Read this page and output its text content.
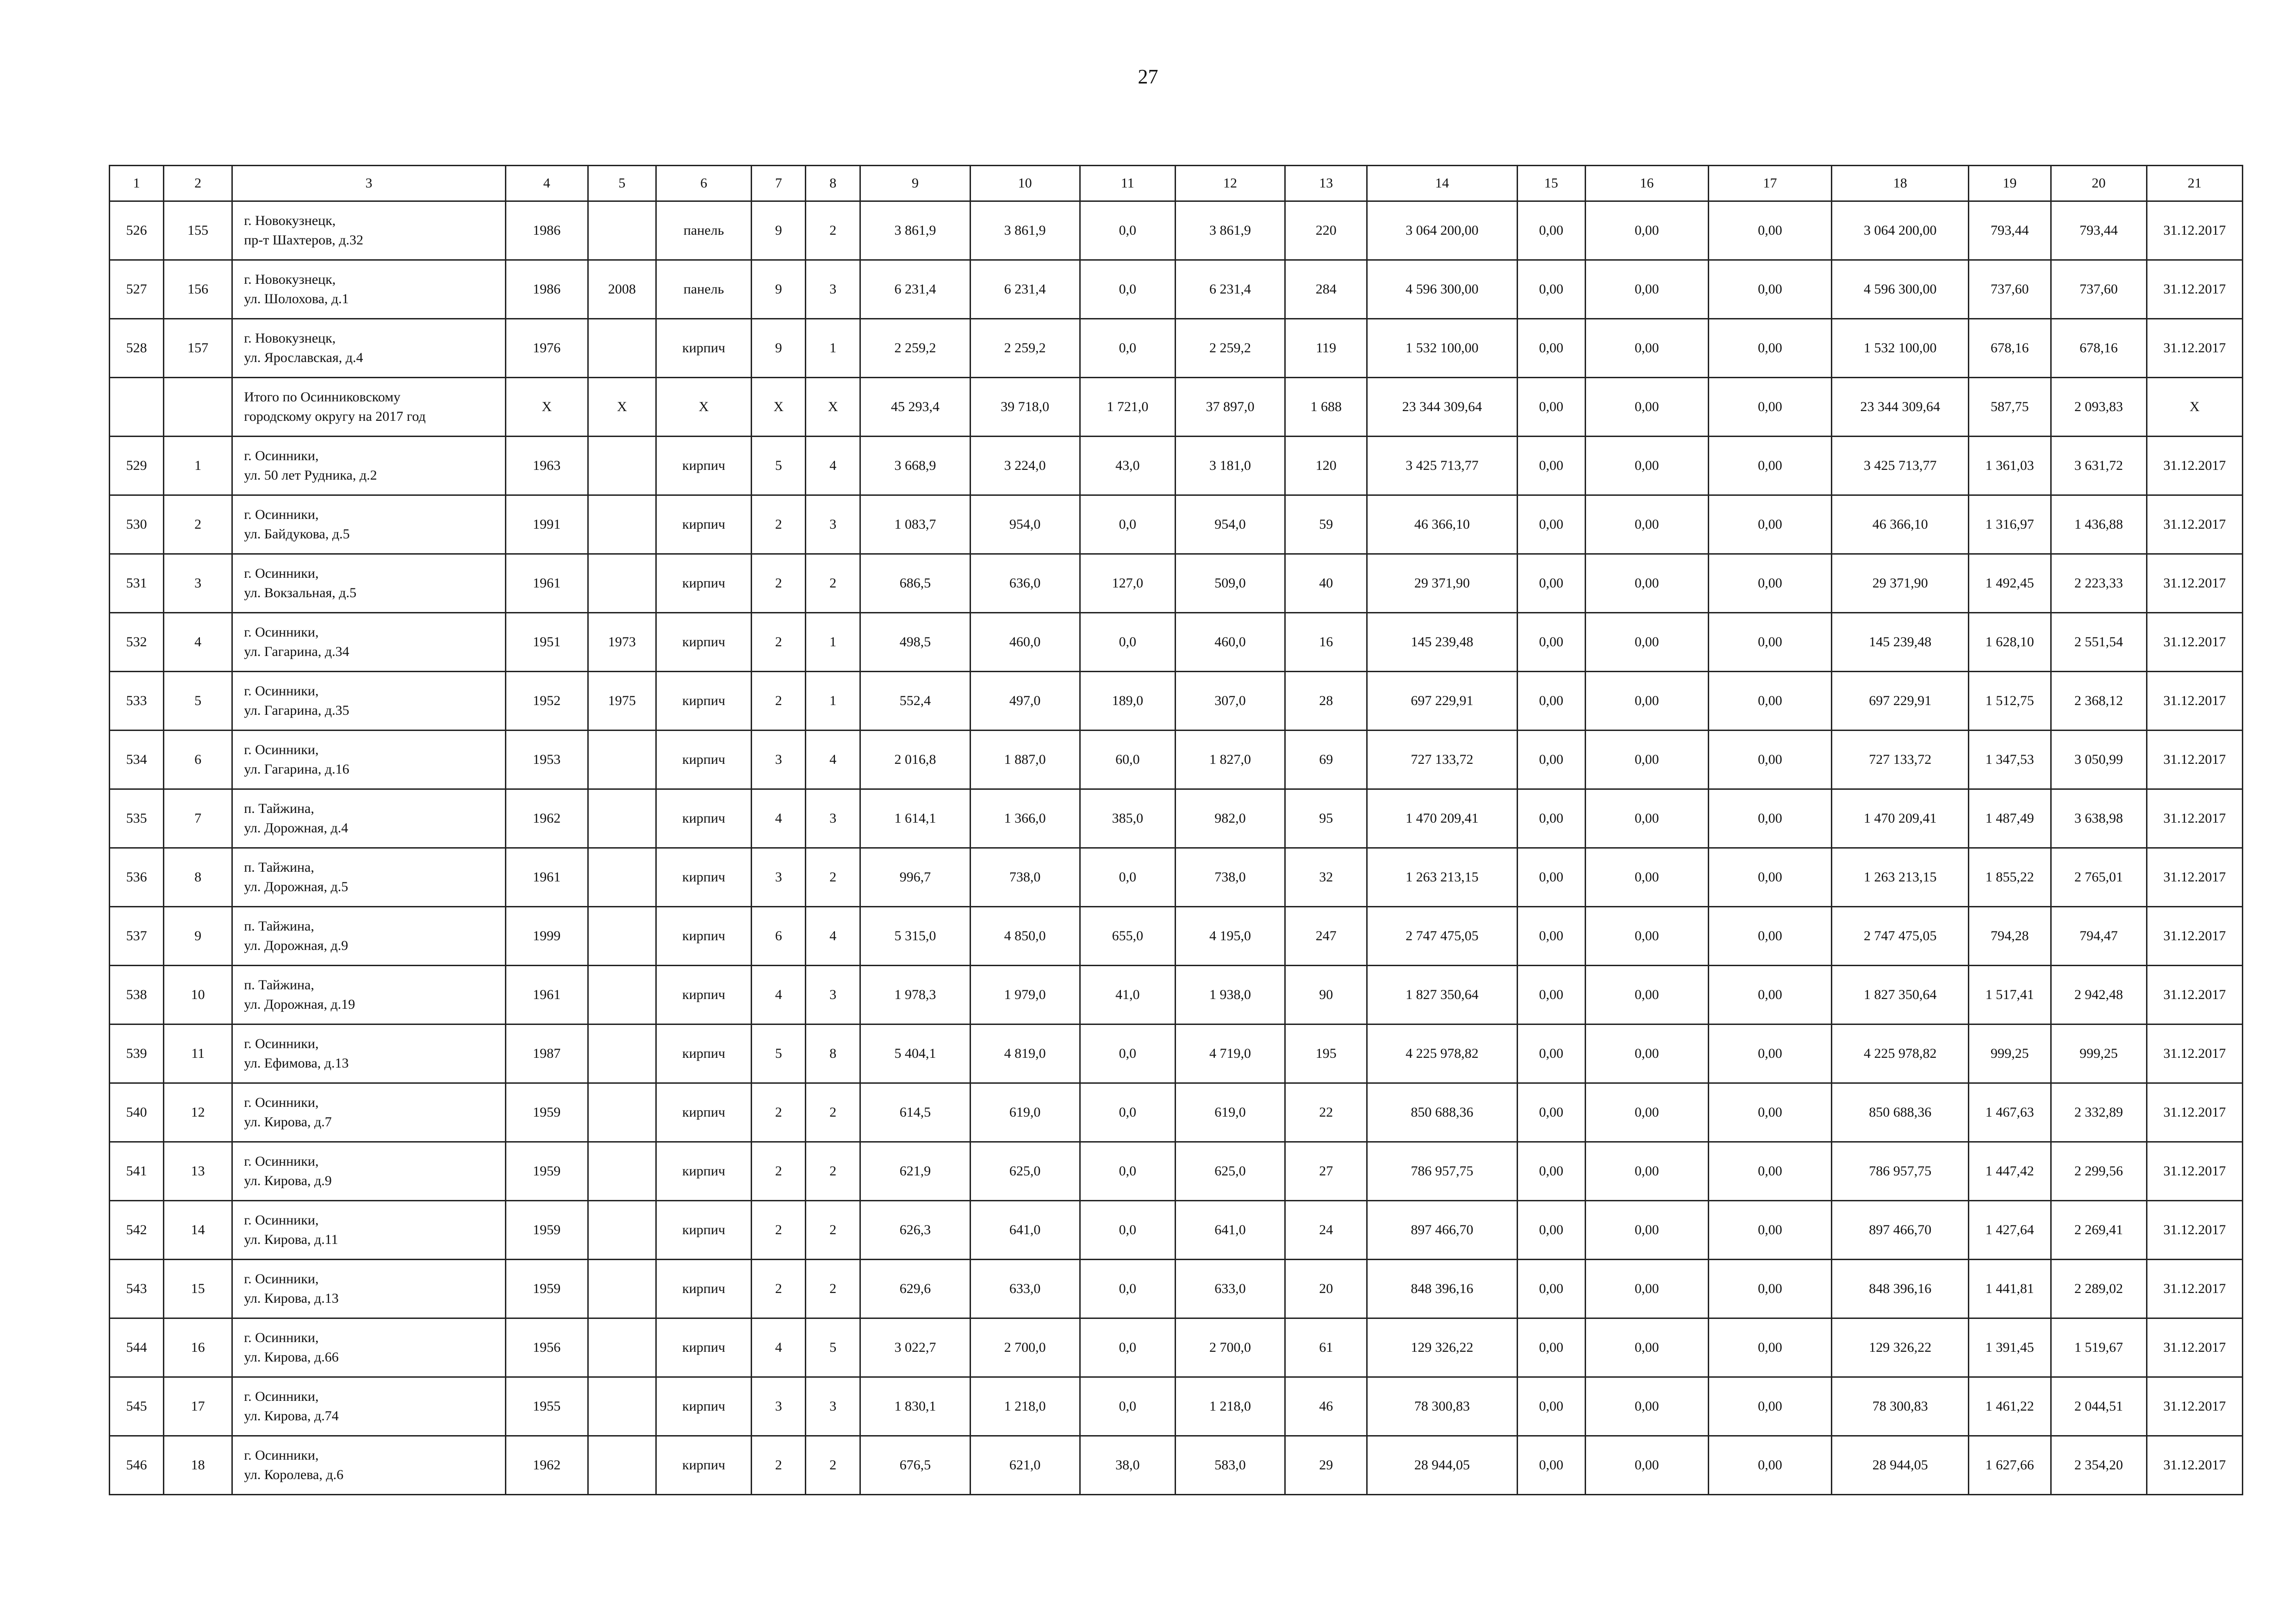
27
1	2	3	4	5	6	7	8	9	10	11	12	13	14	15	16	17	18	19	20	21
526	155	г. Новокузнецк,
пр-т Шахтеров, д.32	1986		панель	9	2	3 861,9	3 861,9	0,0	3 861,9	220	3 064 200,00	0,00	0,00	0,00	3 064 200,00	793,44	793,44	31.12.2017
527	156	г. Новокузнецк,
ул. Шолохова, д.1	1986	2008	панель	9	3	6 231,4	6 231,4	0,0	6 231,4	284	4 596 300,00	0,00	0,00	0,00	4 596 300,00	737,60	737,60	31.12.2017
528	157	г. Новокузнецк,
ул. Ярославская, д.4	1976		кирпич	9	1	2 259,2	2 259,2	0,0	2 259,2	119	1 532 100,00	0,00	0,00	0,00	1 532 100,00	678,16	678,16	31.12.2017

		Итого по Осинниковскому
городскому округу на 2017 год	X	X	X	X	X	45 293,4	39 718,0	1 721,0	37 897,0	1 688	23 344 309,64	0,00	0,00	0,00	23 344 309,64	587,75	2 093,83	X
529	1	г. Осинники,
ул. 50 лет Рудника, д.2	1963		кирпич	5	4	3 668,9	3 224,0	43,0	3 181,0	120	3 425 713,77	0,00	0,00	0,00	3 425 713,77	1 361,03	3 631,72	31.12.2017
530	2	г. Осинники,
ул. Байдукова, д.5	1991		кирпич	2	3	1 083,7	954,0	0,0	954,0	59	46 366,10	0,00	0,00	0,00	46 366,10	1 316,97	1 436,88	31.12.2017
531	3	г. Осинники,
ул. Вокзальная, д.5	1961		кирпич	2	2	686,5	636,0	127,0	509,0	40	29 371,90	0,00	0,00	0,00	29 371,90	1 492,45	2 223,33	31.12.2017
532	4	г. Осинники,
ул. Гагарина, д.34	1951	1973	кирпич	2	1	498,5	460,0	0,0	460,0	16	145 239,48	0,00	0,00	0,00	145 239,48	1 628,10	2 551,54	31.12.2017
533	5	г. Осинники,
ул. Гагарина, д.35	1952	1975	кирпич	2	1	552,4	497,0	189,0	307,0	28	697 229,91	0,00	0,00	0,00	697 229,91	1 512,75	2 368,12	31.12.2017
534	6	г. Осинники,
ул. Гагарина, д.16	1953		кирпич	3	4	2 016,8	1 887,0	60,0	1 827,0	69	727 133,72	0,00	0,00	0,00	727 133,72	1 347,53	3 050,99	31.12.2017
535	7	п. Тайжина,
ул. Дорожная, д.4	1962		кирпич	4	3	1 614,1	1 366,0	385,0	982,0	95	1 470 209,41	0,00	0,00	0,00	1 470 209,41	1 487,49	3 638,98	31.12.2017
536	8	п. Тайжина,
ул. Дорожная, д.5	1961		кирпич	3	2	996,7	738,0	0,0	738,0	32	1 263 213,15	0,00	0,00	0,00	1 263 213,15	1 855,22	2 765,01	31.12.2017
537	9	п. Тайжина,
ул. Дорожная, д.9	1999		кирпич	6	4	5 315,0	4 850,0	655,0	4 195,0	247	2 747 475,05	0,00	0,00	0,00	2 747 475,05	794,28	794,47	31.12.2017
538	10	п. Тайжина,
ул. Дорожная, д.19	1961		кирпич	4	3	1 978,3	1 979,0	41,0	1 938,0	90	1 827 350,64	0,00	0,00	0,00	1 827 350,64	1 517,41	2 942,48	31.12.2017
539	11	г. Осинники,
ул. Ефимова, д.13	1987		кирпич	5	8	5 404,1	4 819,0	0,0	4 719,0	195	4 225 978,82	0,00	0,00	0,00	4 225 978,82	999,25	999,25	31.12.2017
540	12	г. Осинники,
ул. Кирова, д.7	1959		кирпич	2	2	614,5	619,0	0,0	619,0	22	850 688,36	0,00	0,00	0,00	850 688,36	1 467,63	2 332,89	31.12.2017
541	13	г. Осинники,
ул. Кирова, д.9	1959		кирпич	2	2	621,9	625,0	0,0	625,0	27	786 957,75	0,00	0,00	0,00	786 957,75	1 447,42	2 299,56	31.12.2017
542	14	г. Осинники,
ул. Кирова, д.11	1959		кирпич	2	2	626,3	641,0	0,0	641,0	24	897 466,70	0,00	0,00	0,00	897 466,70	1 427,64	2 269,41	31.12.2017
543	15	г. Осинники,
ул. Кирова, д.13	1959		кирпич	2	2	629,6	633,0	0,0	633,0	20	848 396,16	0,00	0,00	0,00	848 396,16	1 441,81	2 289,02	31.12.2017
544	16	г. Осинники,
ул. Кирова, д.66	1956		кирпич	4	5	3 022,7	2 700,0	0,0	2 700,0	61	129 326,22	0,00	0,00	0,00	129 326,22	1 391,45	1 519,67	31.12.2017
545	17	г. Осинники,
ул. Кирова, д.74	1955		кирпич	3	3	1 830,1	1 218,0	0,0	1 218,0	46	78 300,83	0,00	0,00	0,00	78 300,83	1 461,22	2 044,51	31.12.2017
546	18	г. Осинники,
ул. Королева, д.6	1962		кирпич	2	2	676,5	621,0	38,0	583,0	29	28 944,05	0,00	0,00	0,00	28 944,05	1 627,66	2 354,20	31.12.2017
